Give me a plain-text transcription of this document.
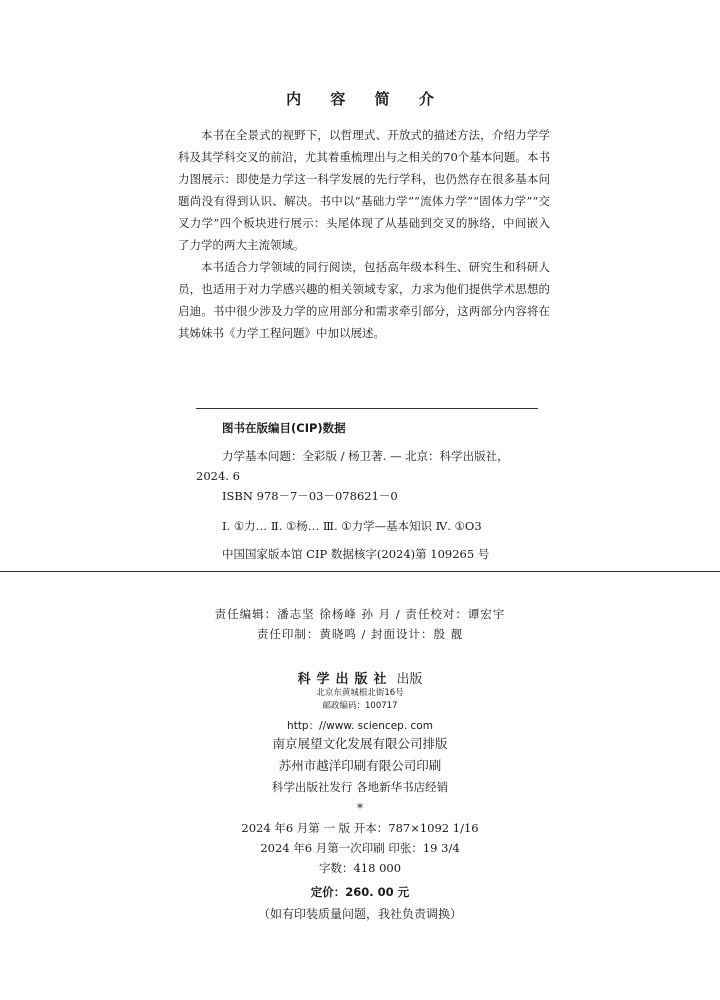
内 容 简 介

本书在全景式的视野下，以哲理式、开放式的描述方法，介绍力学学科及其学科交叉的前沿，尤其着重梳理出与之相关的70个基本问题。本书力图展示：即使是力学这一科学发展的先行学科，也仍然存在很多基本问题尚没有得到认识、解决。书中以“基础力学”“流体力学”“固体力学”“交叉力学”四个板块进行展示：头尾体现了从基础到交叉的脉络，中间嵌入了力学的两大主流领域。

本书适合力学领域的同行阅读，包括高年级本科生、研究生和科研人员，也适用于对力学感兴趣的相关领域专家，力求为他们提供学术思想的启迪。书中很少涉及力学的应用部分和需求牵引部分，这两部分内容将在其姊妹书《力学工程问题》中加以展述。

图书在版编目(CIP)数据
力学基本问题：全彩版 / 杨卫著. — 北京：科学出版社，2024. 6
ISBN 978－7－03－078621－0
Ⅰ. ①力… Ⅱ. ①杨… Ⅲ. ①力学—基本知识 Ⅳ. ①O3
中国国家版本馆 CIP 数据核字(2024)第 109265 号
责任编辑：潘志坚 徐杨峰 孙 月 / 责任校对：谭宏宇
责任印制：黄晓鸣 / 封面设计：殷 靓
科学出版社 出版
北京东黄城根北街16号
邮政编码：100717
http：//www. sciencep. com
南京展望文化发展有限公司排版
苏州市越洋印刷有限公司印刷
科学出版社发行 各地新华书店经销
*
2024 年6 月第 一 版 开本：787×1092 1/16
2024 年6 月第一次印刷 印张：19 3/4
字数：418 000
定价：260. 00 元
（如有印装质量问题，我社负责调换）
